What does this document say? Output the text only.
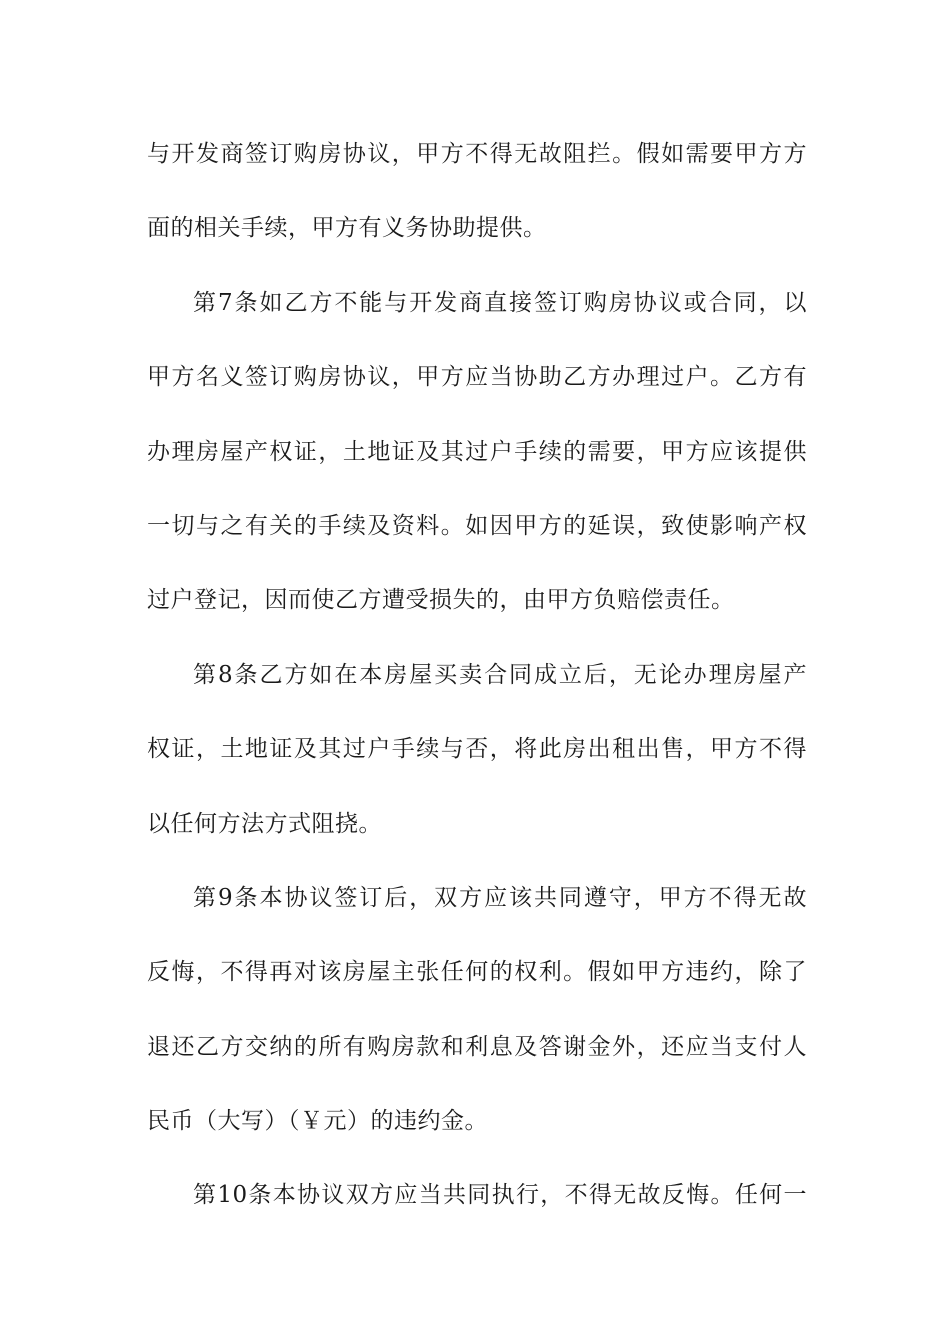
与开发商签订购房协议，甲方不得无故阻拦。假如需要甲方方
面的相关手续，甲方有义务协助提供。
第7条如乙方不能与开发商直接签订购房协议或合同，以
甲方名义签订购房协议，甲方应当协助乙方办理过户。乙方有
办理房屋产权证，土地证及其过户手续的需要，甲方应该提供
一切与之有关的手续及资料。如因甲方的延误，致使影响产权
过户登记，因而使乙方遭受损失的，由甲方负赔偿责任。
第8条乙方如在本房屋买卖合同成立后，无论办理房屋产
权证，土地证及其过户手续与否，将此房出租出售，甲方不得
以任何方法方式阻挠。
第9条本协议签订后，双方应该共同遵守，甲方不得无故
反悔，不得再对该房屋主张任何的权利。假如甲方违约，除了
退还乙方交纳的所有购房款和利息及答谢金外，还应当支付人
民币（大写）（￥元）的违约金。
第10条本协议双方应当共同执行，不得无故反悔。任何一
